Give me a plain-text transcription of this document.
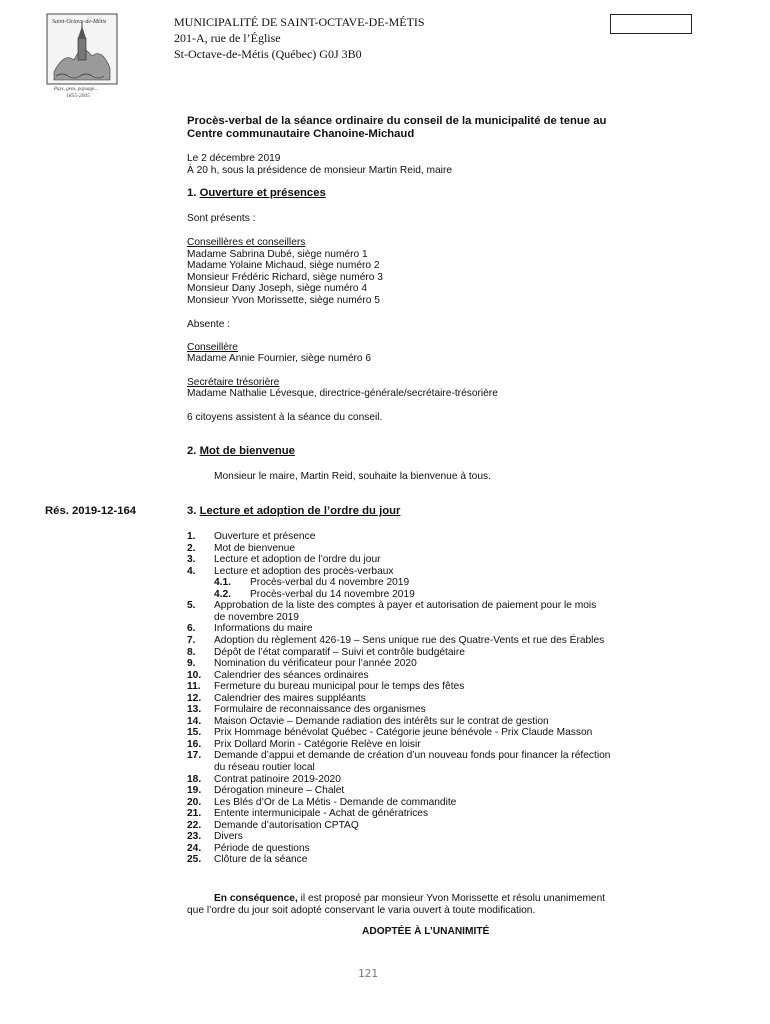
Saint-Octave-de-Métis
Pays, gens, paysage...
1855-2005
MUNICIPALITÉ DE SAINT-OCTAVE-DE-MÉTIS
201-A, rue de l’Église
St-Octave-de-Métis (Québec) G0J 3B0
Procès-verbal de la séance ordinaire du conseil de la municipalité de tenue au
Centre communautaire Chanoine-Michaud
Le 2 décembre 2019
À 20 h, sous la présidence de monsieur Martin Reid, maire
1. Ouverture et présences
Sont présents :
Conseillères et conseillers
Madame Sabrina Dubé, siège numéro 1
Madame Yolaine Michaud, siège numéro 2
Monsieur Frédéric Richard, siège numéro 3
Monsieur Dany Joseph, siège numéro 4
Monsieur Yvon Morissette, siège numéro 5
Absente :
Conseillère
Madame Annie Fournier, siège numéro 6
Secrétaire trésorière
Madame Nathalie Lévesque, directrice-générale/secrétaire-trésorière
6 citoyens assistent à la séance du conseil.
2. Mot de bienvenue
Monsieur le maire, Martin Reid, souhaite la bienvenue à tous.
Rés. 2019-12-164	3. Lecture et adoption de l’ordre du jour
1. Ouverture et présence
2. Mot de bienvenue
3. Lecture et adoption de l’ordre du jour
4. Lecture et adoption des procès-verbaux
4.1. Procès-verbal du 4 novembre 2019
4.2. Procès-verbal du 14 novembre 2019
5. Approbation de la liste des comptes à payer et autorisation de paiement pour le mois
de novembre 2019
6. Informations du maire
7. Adoption du règlement 426-19 – Sens unique rue des Quatre-Vents et rue des Érables
8. Dépôt de l’état comparatif – Suivi et contrôle budgétaire
9. Nomination du vérificateur pour l’année 2020
10. Calendrier des séances ordinaires
11. Fermeture du bureau municipal pour le temps des fêtes
12. Calendrier des maires suppléants
13. Formulaire de reconnaissance des organismes
14. Maison Octavie – Demande radiation des intérêts sur le contrat de gestion
15. Prix Hommage bénévolat Québec - Catégorie jeune bénévole - Prix Claude Masson
16. Prix Dollard Morin - Catégorie Relève en loisir
17. Demande d’appui et demande de création d’un nouveau fonds pour financer la réfection
du réseau routier local
18. Contrat patinoire 2019-2020
19. Dérogation mineure – Chalet
20. Les Blés d’Or de La Métis - Demande de commandite
21. Entente intermunicipale - Achat de génératrices
22. Demande d’autorisation CPTAQ
23. Divers
24. Période de questions
25. Clôture de la séance
En conséquence, il est proposé par monsieur Yvon Morissette et résolu unanimement
que l’ordre du jour soit adopté conservant le varia ouvert à toute modification.
ADOPTÉE À L’UNANIMITÉ
121
